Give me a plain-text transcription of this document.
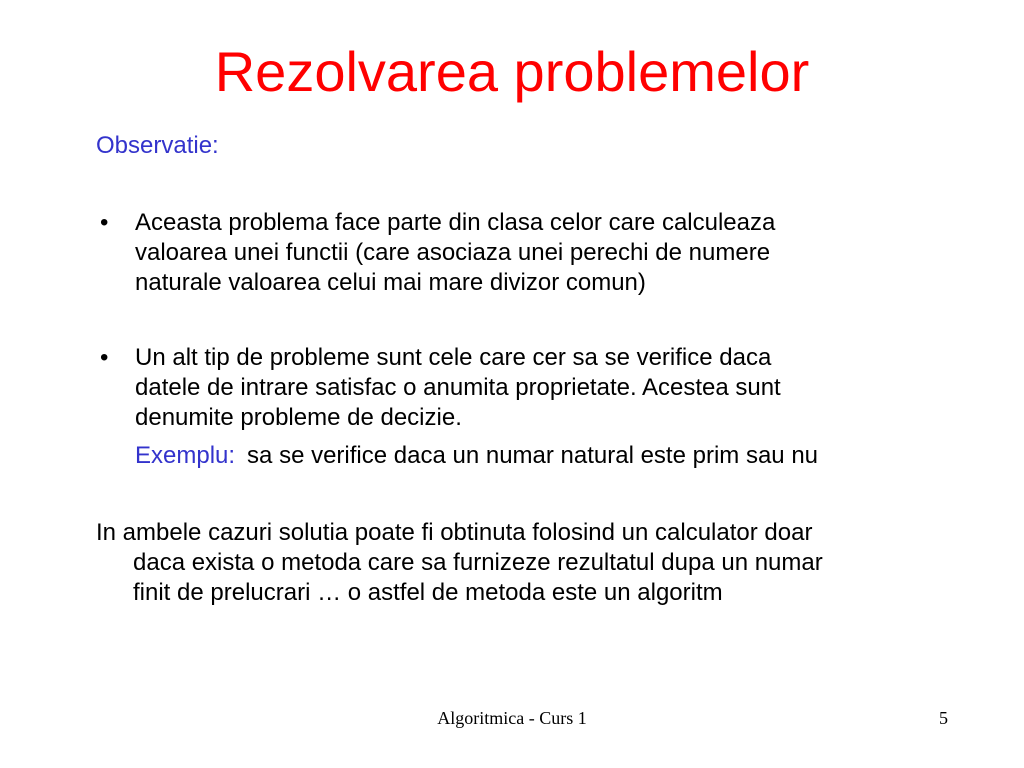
Rezolvarea problemelor
Observatie:
• Aceasta problema face parte din clasa celor care calculeaza
valoarea unei functii (care asociaza unei perechi de numere
naturale valoarea celui mai mare divizor comun)
• Un alt tip de probleme sunt cele care cer sa se verifice daca
datele de intrare satisfac o anumita proprietate. Acestea sunt
denumite probleme de decizie.
Exemplu: sa se verifice daca un numar natural este prim sau nu
In ambele cazuri solutia poate fi obtinuta folosind un calculator doar
daca exista o metoda care sa furnizeze rezultatul dupa un numar
finit de prelucrari … o astfel de metoda este un algoritm
Algoritmica - Curs 1	5
